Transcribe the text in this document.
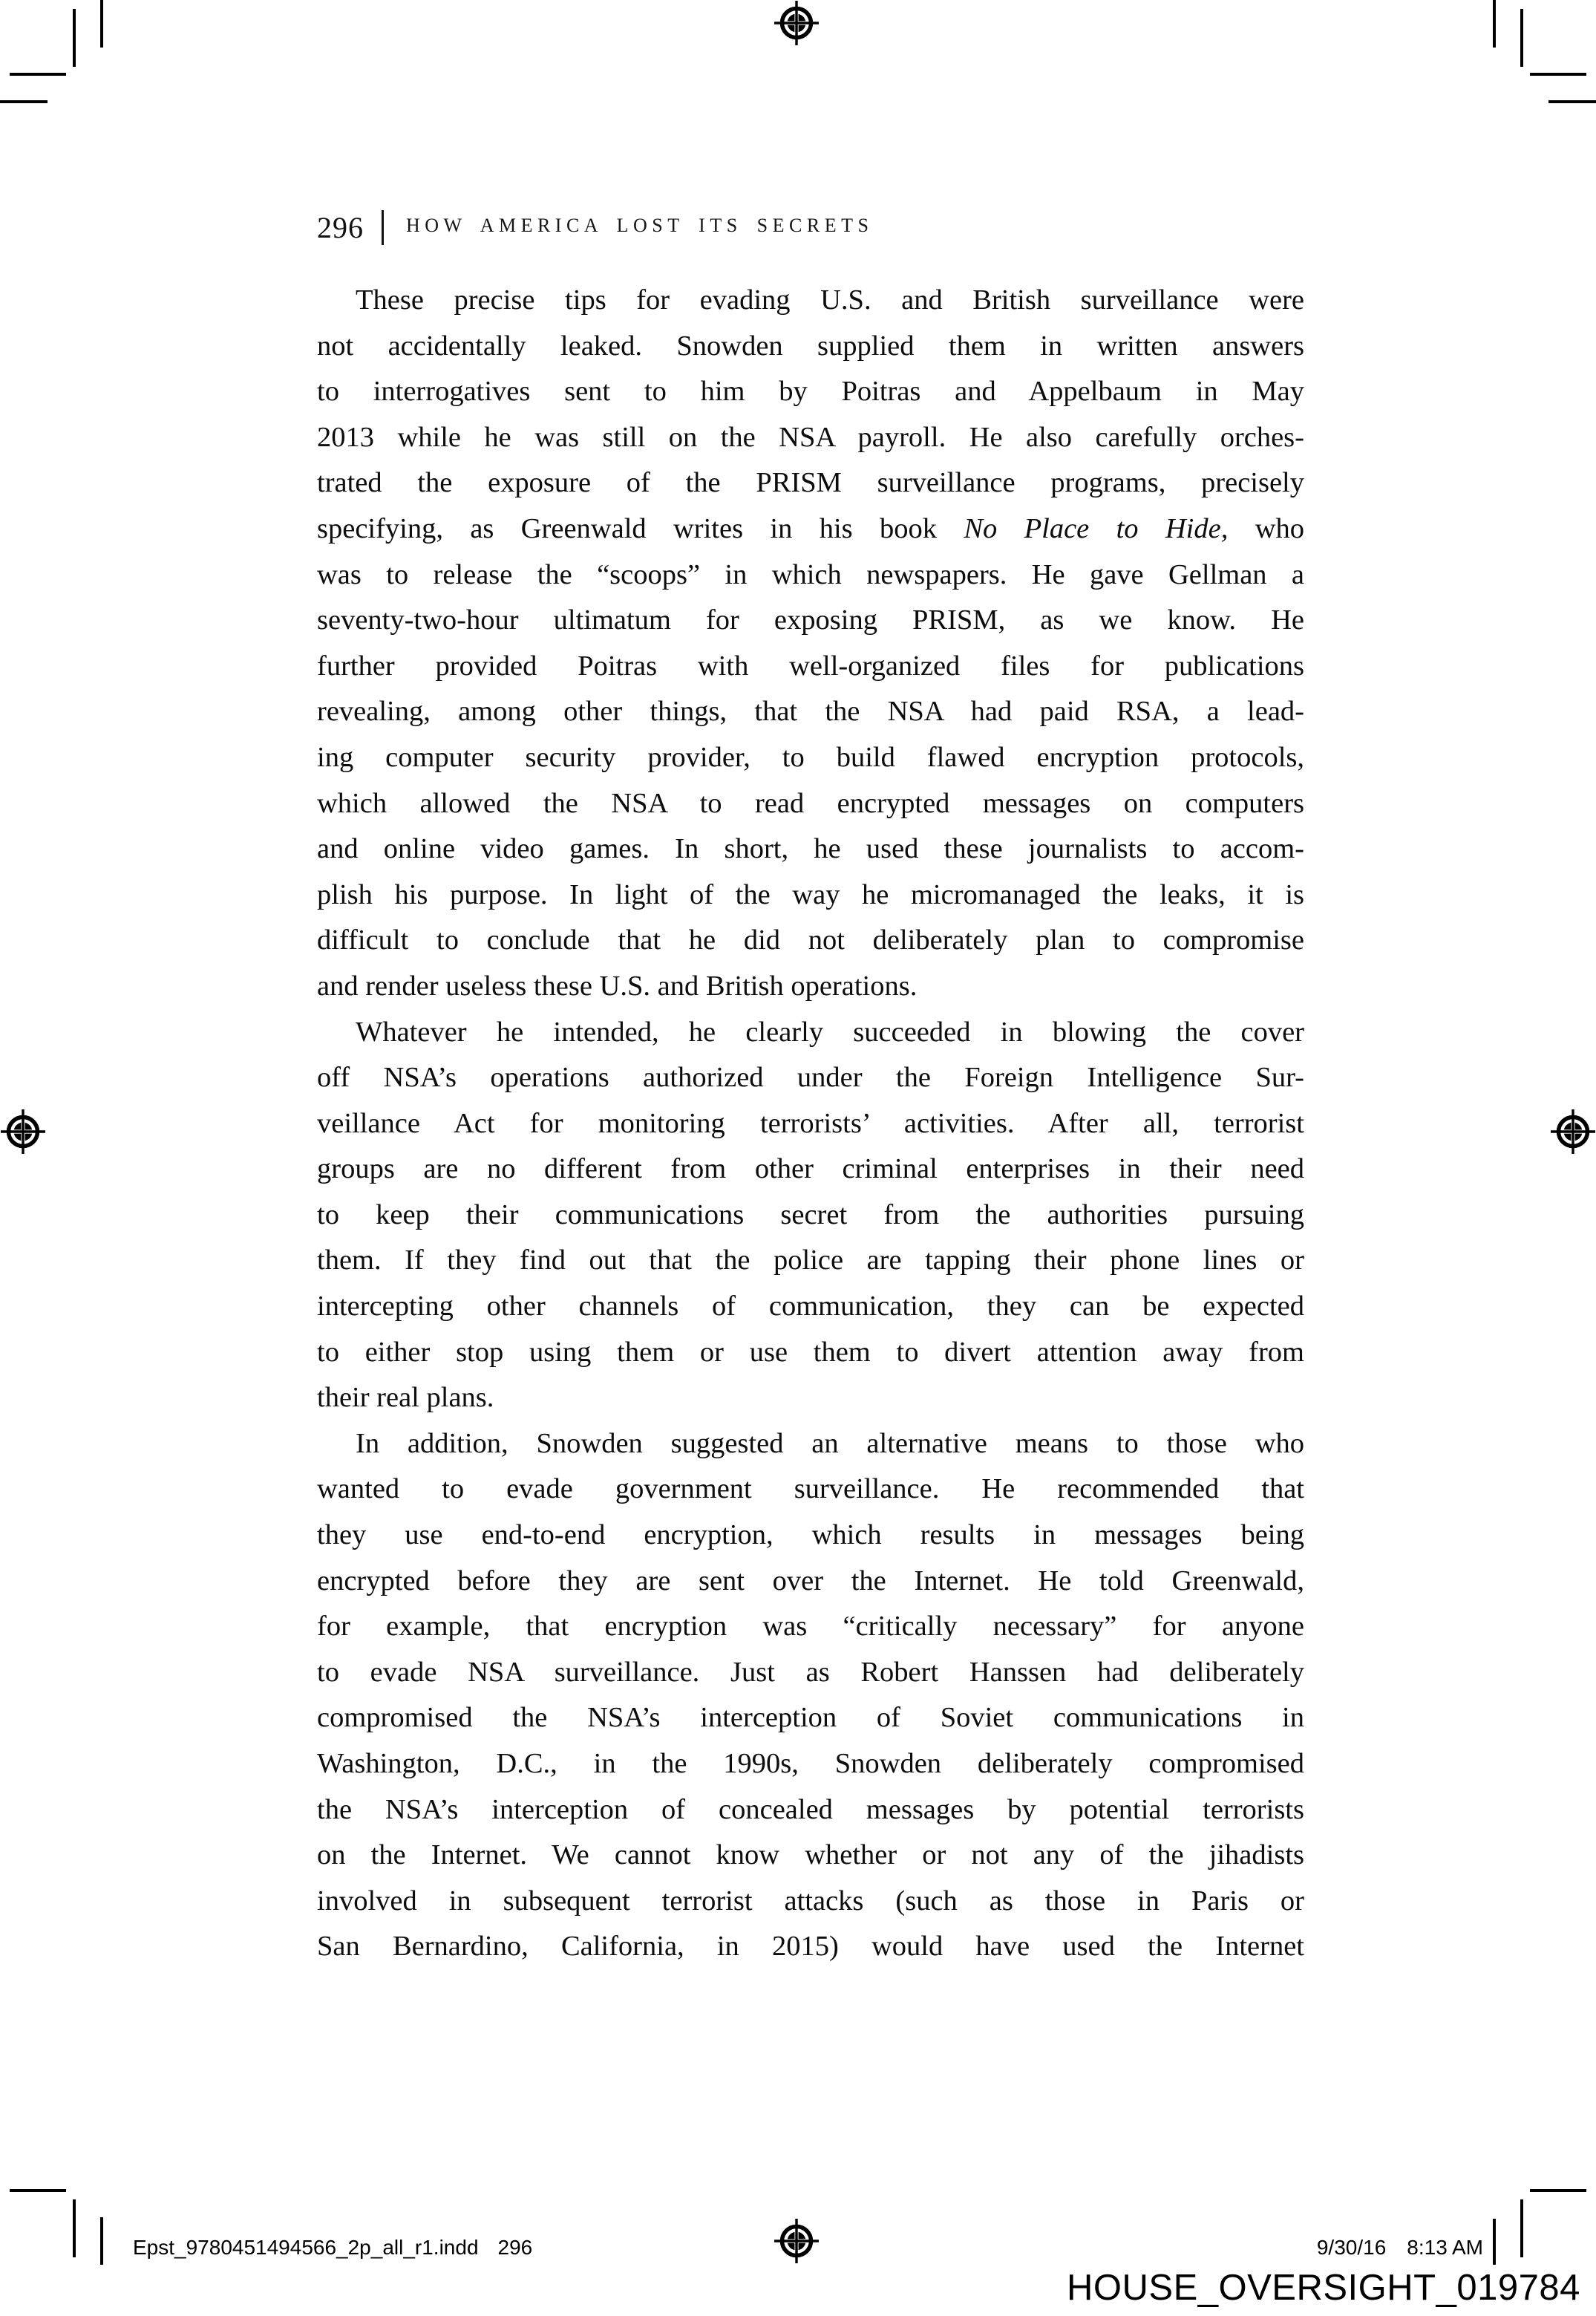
296 HOW AMERICA LOST ITS SECRETS
These precise tips for evading U.S. and British surveillance were
not accidentally leaked. Snowden supplied them in written answers
to interrogatives sent to him by Poitras and Appelbaum in May
2013 while he was still on the NSA payroll. He also carefully orches-
trated the exposure of the PRISM surveillance programs, precisely
specifying, as Greenwald writes in his book No Place to Hide, who
was to release the “scoops” in which newspapers. He gave Gellman a
seventy-two-hour ultimatum for exposing PRISM, as we know. He
further provided Poitras with well-organized files for publications
revealing, among other things, that the NSA had paid RSA, a lead-
ing computer security provider, to build flawed encryption protocols,
which allowed the NSA to read encrypted messages on computers
and online video games. In short, he used these journalists to accom-
plish his purpose. In light of the way he micromanaged the leaks, it is
difficult to conclude that he did not deliberately plan to compromise
and render useless these U.S. and British operations.
Whatever he intended, he clearly succeeded in blowing the cover
off NSA’s operations authorized under the Foreign Intelligence Sur-
veillance Act for monitoring terrorists’ activities. After all, terrorist
groups are no different from other criminal enterprises in their need
to keep their communications secret from the authorities pursuing
them. If they find out that the police are tapping their phone lines or
intercepting other channels of communication, they can be expected
to either stop using them or use them to divert attention away from
their real plans.
In addition, Snowden suggested an alternative means to those who
wanted to evade government surveillance. He recommended that
they use end-to-end encryption, which results in messages being
encrypted before they are sent over the Internet. He told Greenwald,
for example, that encryption was “critically necessary” for anyone
to evade NSA surveillance. Just as Robert Hanssen had deliberately
compromised the NSA’s interception of Soviet communications in
Washington, D.C., in the 1990s, Snowden deliberately compromised
the NSA’s interception of concealed messages by potential terrorists
on the Internet. We cannot know whether or not any of the jihadists
involved in subsequent terrorist attacks (such as those in Paris or
San Bernardino, California, in 2015) would have used the Internet
Epst_9780451494566_2p_all_r1.indd 296	9/30/16 8:13 AM
HOUSE_OVERSIGHT_019784
